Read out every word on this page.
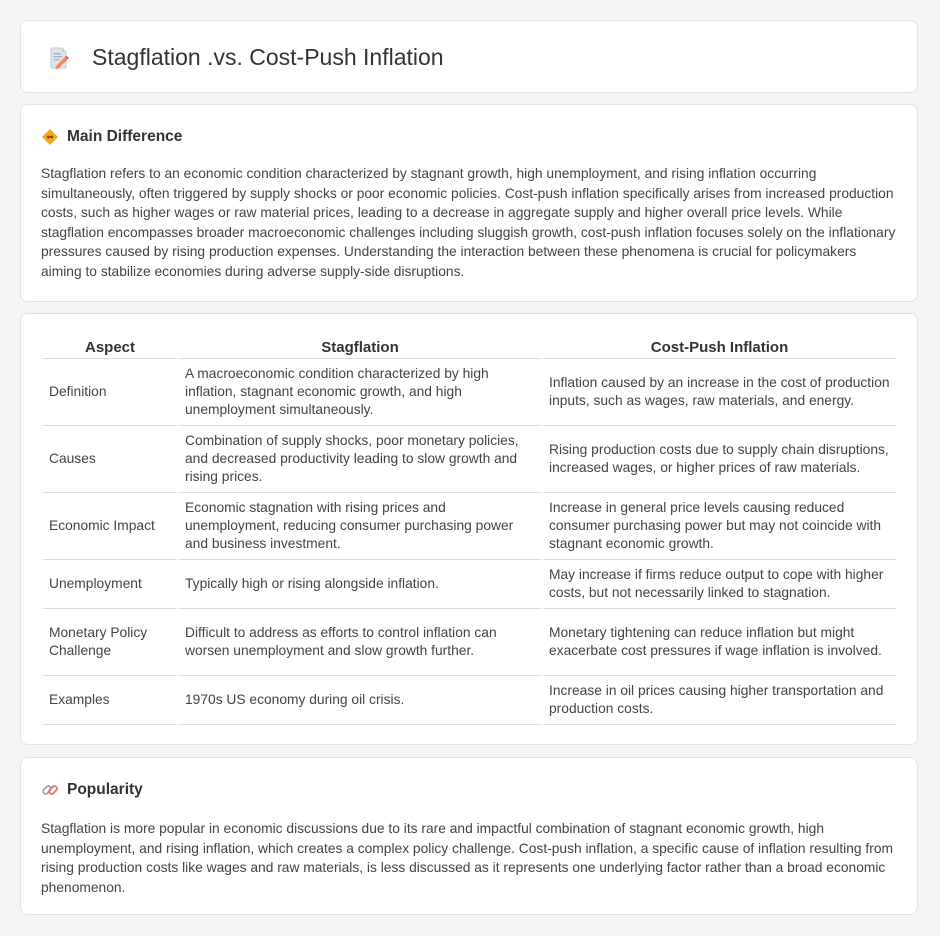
Stagflation .vs. Cost-Push Inflation
Main Difference

Stagflation refers to an economic condition characterized by stagnant growth, high unemployment, and rising inflation occurring simultaneously, often triggered by supply shocks or poor economic policies. Cost-push inflation specifically arises from increased production costs, such as higher wages or raw material prices, leading to a decrease in aggregate supply and higher overall price levels. While stagflation encompasses broader macroeconomic challenges including sluggish growth, cost-push inflation focuses solely on the inflationary pressures caused by rising production expenses. Understanding the interaction between these phenomena is crucial for policymakers aiming to stabilize economies during adverse supply-side disruptions.

Aspect	Stagflation	Cost-Push Inflation
Definition	A macroeconomic condition characterized by high inflation, stagnant economic growth, and high unemployment simultaneously.	Inflation caused by an increase in the cost of production inputs, such as wages, raw materials, and energy.
Causes	Combination of supply shocks, poor monetary policies, and decreased productivity leading to slow growth and rising prices.	Rising production costs due to supply chain disruptions, increased wages, or higher prices of raw materials.
Economic Impact	Economic stagnation with rising prices and unemployment, reducing consumer purchasing power and business investment.	Increase in general price levels causing reduced consumer purchasing power but may not coincide with stagnant economic growth.
Unemployment	Typically high or rising alongside inflation.	May increase if firms reduce output to cope with higher costs, but not necessarily linked to stagnation.
Monetary Policy Challenge	Difficult to address as efforts to control inflation can worsen unemployment and slow growth further.	Monetary tightening can reduce inflation but might exacerbate cost pressures if wage inflation is involved.
Examples	1970s US economy during oil crisis.	Increase in oil prices causing higher transportation and production costs.
Popularity

Stagflation is more popular in economic discussions due to its rare and impactful combination of stagnant economic growth, high unemployment, and rising inflation, which creates a complex policy challenge. Cost-push inflation, a specific cause of inflation resulting from rising production costs like wages and raw materials, is less discussed as it represents one underlying factor rather than a broad economic phenomenon.
